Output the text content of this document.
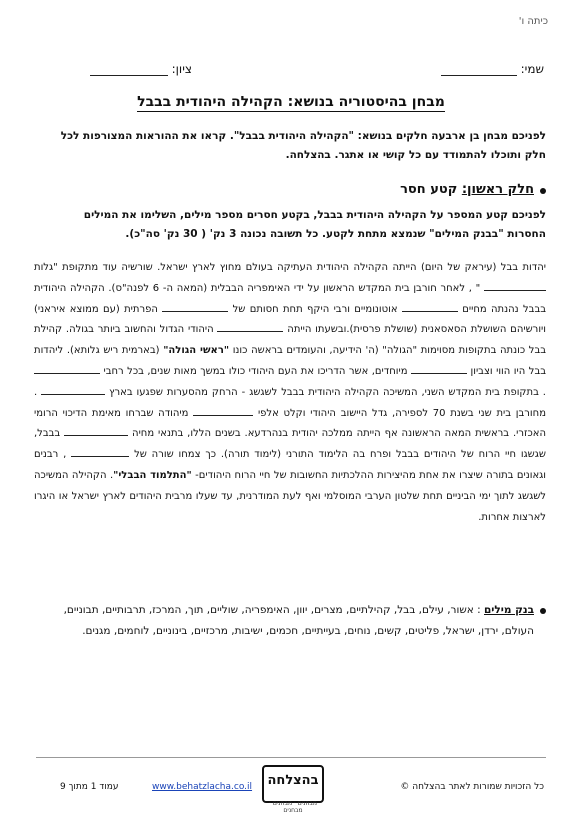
כיתה ו'
שמי:
ציון:
מבחן בהיסטוריה בנושא: הקהילה היהודית בבבל
לפניכם מבחן בן ארבעה חלקים בנושא: "הקהילה היהודית בבבל". קראו את ההוראות המצורפות לכל חלק ותוכלו להתמודד עם כל קושי או אתגר. בהצלחה.
חלק ראשון: קטע חסר
לפניכם קטע המספר על הקהילה היהודית בבבל, בקטע חסרים מספר מילים, השלימו את המילים החסרות "בבנק המילים" שנמצא מתחת לקטע. כל תשובה נכונה 3 נק' ( 30 נק' סה"כ).
יהדות בבל (עיראק של היום) הייתה הקהילה היהודית העתיקה בעולם מחוץ לארץ ישראל. שורשיה עוד מתקופת "גלות  " , לאחר חורבן בית המקדש הראשון על ידי האימפריה הבבלית (המאה ה- 6 לפנה"ס). הקהילה היהודית בבבל נהנתה מחיים  אוטונומיים ורבי היקף תחת חסותם של  הפרתית (עם ממוצא איראני) ויורשיהם השושלת הסאסאנית (שושלת פרסית).ובשעתו הייתה  היהודי הגדול והחשוב ביותר בגולה. קהילת בבל כונתה בתקופות מסוימות "הגולה" (ה' הידיעה, והעומדים בראשה כונו "ראשי הגולה" (בארמית ריש גלותא). ליהדות בבל היו הווי וצביון  מיוחדים, אשר הדריכו את העם היהודי כולו במשך מאות שנים, בכל רחבי  . בתקופת בית המקדש השני, המשיכה הקהילה היהודית בבבל לשגשג - הרחק מהסערות שפגעו בארץ  . מחורבן בית שני בשנת 70 לספירה, גדל היישוב היהודי וקלט אלפי  מיהודה שברחו מאימת הדיכוי הרומי האכזרי. בראשית המאה הראשונה אף הייתה ממלכה יהודית בנהרדעא. בשנים הללו, בתנאי מחיה  בבבל, שגשגו חיי הרוח של היהודים בבבל ופרח בה הלימוד התורני (לימוד תורה). כך צמחו שורה של  , רבנים וגאונים בתורה שיצרו את אחת מהיצירות ההלכתיות החשובות של חיי הרוח היהודים- "התלמוד הבבלי". הקהילה המשיכה לשגשג לתוך ימי הביניים תחת שלטון הערבי המוסלמי ואף לעת המודרנית, עד שעלו מרבית היהודים לארץ ישראל או היגרו לארצות אחרות.
בנק מילים : אשור, עילם, בבל, קהילתיים, מצרים, יוון, האימפריה, שוליים, תוך, המרכז, תרבותיים, תבוניים, העולם, ירדן, ישראל, פליטים, קשים, נוחים, בעייתיים, חכמים, ישיבות, מרכזיים, בינוניים, לוחמים, מגנים.
כל הזכויות שמורות לאתר בהצלחה ©
בהצלחה
מבחנים · מבחנים · מבחנים
www.behatzlacha.co.il
עמוד 1 מתוך 9
